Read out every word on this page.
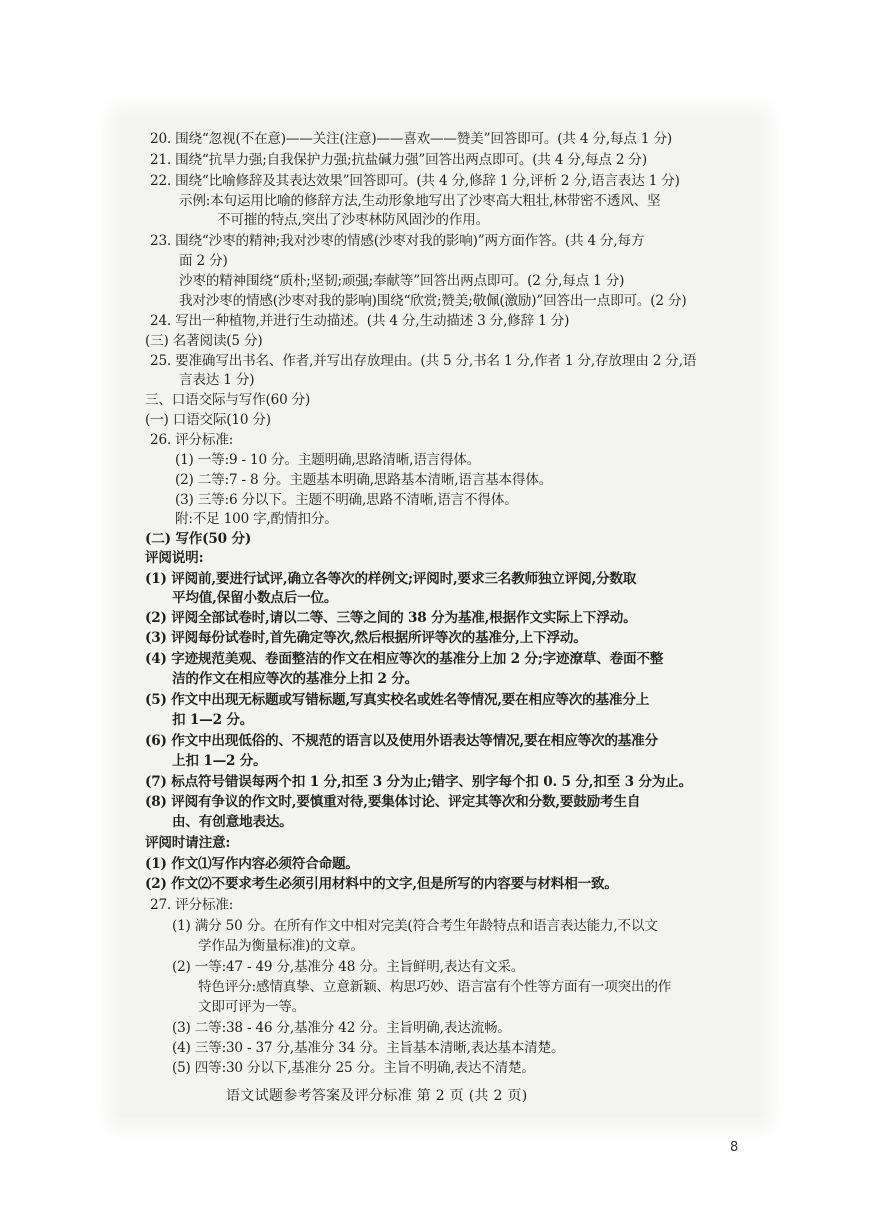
20. 围绕“忽视(不在意)——关注(注意)——喜欢——赞美”回答即可。(共 4 分,每点 1 分)
21. 围绕“抗旱力强;自我保护力强;抗盐碱力强”回答出两点即可。(共 4 分,每点 2 分)
22. 围绕“比喻修辞及其表达效果”回答即可。(共 4 分,修辞 1 分,评析 2 分,语言表达 1 分)
示例:本句运用比喻的修辞方法,生动形象地写出了沙枣高大粗壮,林带密不透风、坚
不可摧的特点,突出了沙枣林防风固沙的作用。
23. 围绕“沙枣的精神;我对沙枣的情感(沙枣对我的影响)”两方面作答。(共 4 分,每方
面 2 分)
沙枣的精神围绕“质朴;坚韧;顽强;奉献等”回答出两点即可。(2 分,每点 1 分)
我对沙枣的情感(沙枣对我的影响)围绕“欣赏;赞美;敬佩(激励)”回答出一点即可。(2 分)
24. 写出一种植物,并进行生动描述。(共 4 分,生动描述 3 分,修辞 1 分)
(三) 名著阅读(5 分)
25. 要准确写出书名、作者,并写出存放理由。(共 5 分,书名 1 分,作者 1 分,存放理由 2 分,语
言表达 1 分)
三、口语交际与写作(60 分)
(一) 口语交际(10 分)
26. 评分标准:
(1) 一等:9 - 10 分。主题明确,思路清晰,语言得体。
(2) 二等:7 - 8 分。主题基本明确,思路基本清晰,语言基本得体。
(3) 三等:6 分以下。主题不明确,思路不清晰,语言不得体。
附:不足 100 字,酌情扣分。
(二) 写作(50 分)
评阅说明:
(1) 评阅前,要进行试评,确立各等次的样例文;评阅时,要求三名教师独立评阅,分数取
平均值,保留小数点后一位。
(2) 评阅全部试卷时,请以二等、三等之间的 38 分为基准,根据作文实际上下浮动。
(3) 评阅每份试卷时,首先确定等次,然后根据所评等次的基准分,上下浮动。
(4) 字迹规范美观、卷面整洁的作文在相应等次的基准分上加 2 分;字迹潦草、卷面不整
洁的作文在相应等次的基准分上扣 2 分。
(5) 作文中出现无标题或写错标题,写真实校名或姓名等情况,要在相应等次的基准分上
扣 1—2 分。
(6) 作文中出现低俗的、不规范的语言以及使用外语表达等情况,要在相应等次的基准分
上扣 1—2 分。
(7) 标点符号错误每两个扣 1 分,扣至 3 分为止;错字、别字每个扣 0. 5 分,扣至 3 分为止。
(8) 评阅有争议的作文时,要慎重对待,要集体讨论、评定其等次和分数,要鼓励考生自
由、有创意地表达。
评阅时请注意:
(1) 作文⑴写作内容必须符合命题。
(2) 作文⑵不要求考生必须引用材料中的文字,但是所写的内容要与材料相一致。
27. 评分标准:
(1) 满分 50 分。在所有作文中相对完美(符合考生年龄特点和语言表达能力,不以文
学作品为衡量标准)的文章。
(2) 一等:47 - 49 分,基准分 48 分。主旨鲜明,表达有文采。
特色评分:感情真挚、立意新颖、构思巧妙、语言富有个性等方面有一项突出的作
文即可评为一等。
(3) 二等:38 - 46 分,基准分 42 分。主旨明确,表达流畅。
(4) 三等:30 - 37 分,基准分 34 分。主旨基本清晰,表达基本清楚。
(5) 四等:30 分以下,基准分 25 分。主旨不明确,表达不清楚。
语文试题参考答案及评分标准 第 2 页 (共 2 页)
8
